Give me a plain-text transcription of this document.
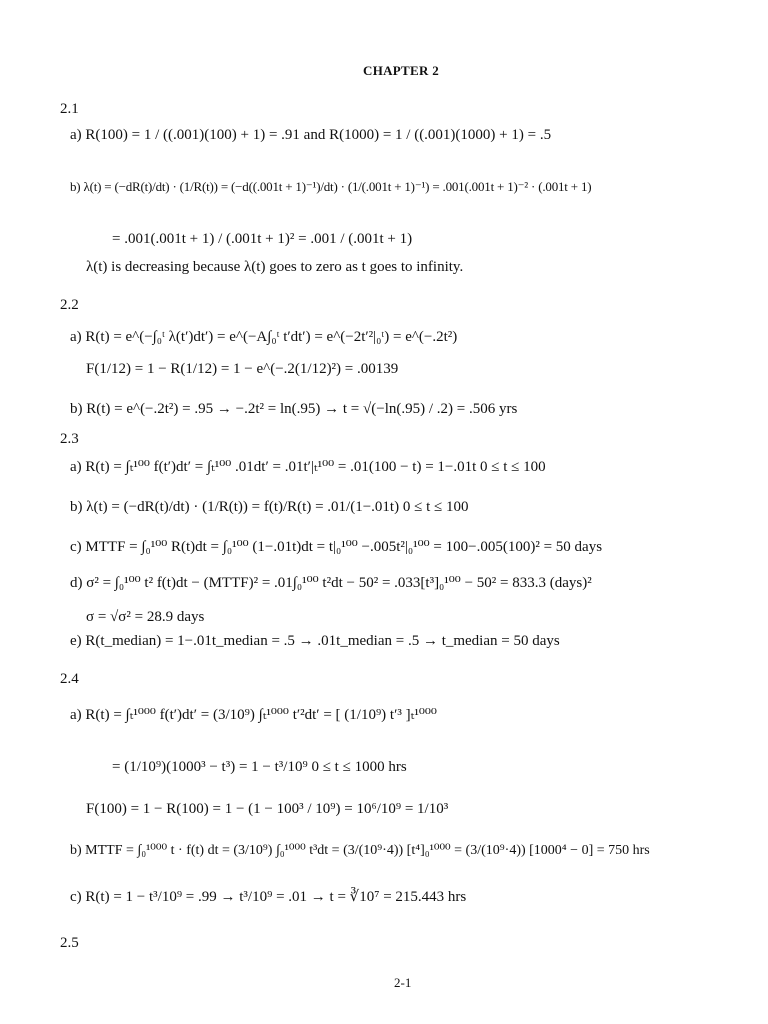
CHAPTER 2
2.1
a) R(100) = 1 / ((.001)(100) + 1) = .91 and R(1000) = 1 / ((.001)(1000) + 1) = .5
b) λ(t) = (−dR(t)/dt) · (1/R(t)) = (−d((.001t + 1)⁻¹)/dt) · (1/(.001t + 1)⁻¹) = .001(.001t + 1)⁻² · (.001t + 1)
= .001(.001t + 1) / (.001t + 1)² = .001 / (.001t + 1)
λ(t) is decreasing because λ(t) goes to zero as t goes to infinity.
2.2
a) R(t) = e^(−∫₀ᵗ λ(t′)dt′) = e^(−A∫₀ᵗ t′dt′) = e^(−2t′²|₀ᵗ) = e^(−.2t²)
F(1/12) = 1 − R(1/12) = 1 − e^(−.2(1/12)²) = .00139
b) R(t) = e^(−.2t²) = .95 → −.2t² = ln(.95) → t = √(−ln(.95) / .2) = .506 yrs
2.3
a) R(t) = ∫ₜ¹⁰⁰ f(t′)dt′ = ∫ₜ¹⁰⁰ .01dt′ = .01t′|ₜ¹⁰⁰ = .01(100 − t) = 1−.01t 0 ≤ t ≤ 100
b) λ(t) = (−dR(t)/dt) · (1/R(t)) = f(t)/R(t) = .01/(1−.01t) 0 ≤ t ≤ 100
c) MTTF = ∫₀¹⁰⁰ R(t)dt = ∫₀¹⁰⁰ (1−.01t)dt = t|₀¹⁰⁰ −.005t²|₀¹⁰⁰ = 100−.005(100)² = 50 days
d) σ² = ∫₀¹⁰⁰ t² f(t)dt − (MTTF)² = .01∫₀¹⁰⁰ t²dt − 50² = .033[t³]₀¹⁰⁰ − 50² = 833.3 (days)²
σ = √σ² = 28.9 days
e) R(t_median) = 1−.01t_median = .5 → .01t_median = .5 → t_median = 50 days
2.4
a) R(t) = ∫ₜ¹⁰⁰⁰ f(t′)dt′ = (3/10⁹) ∫ₜ¹⁰⁰⁰ t′²dt′ = [ (1/10⁹) t′³ ]ₜ¹⁰⁰⁰
= (1/10⁹)(1000³ − t³) = 1 − t³/10⁹ 0 ≤ t ≤ 1000 hrs
F(100) = 1 − R(100) = 1 − (1 − 100³ / 10⁹) = 10⁶/10⁹ = 1/10³
b) MTTF = ∫₀¹⁰⁰⁰ t · f(t) dt = (3/10⁹) ∫₀¹⁰⁰⁰ t³dt = (3/(10⁹·4)) [t⁴]₀¹⁰⁰⁰ = (3/(10⁹·4)) [1000⁴ − 0] = 750 hrs
c) R(t) = 1 − t³/10⁹ = .99 → t³/10⁹ = .01 → t = ∛10⁷ = 215.443 hrs
2.5
2-1
